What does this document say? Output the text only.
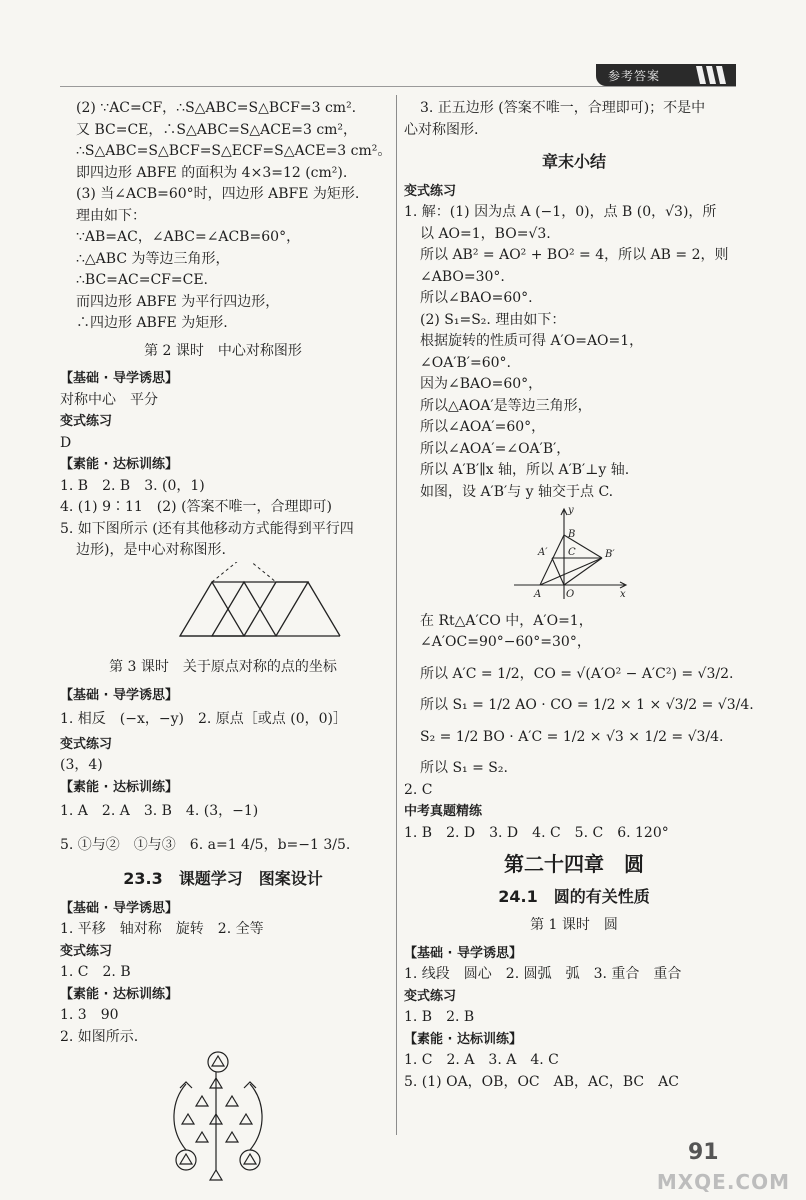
参考答案
(2) ∵AC=CF，∴S△ABC=S△BCF=3 cm².
又 BC=CE，∴S△ABC=S△ACE=3 cm²，
∴S△ABC=S△BCF=S△ECF=S△ACE=3 cm²。
即四边形 ABFE 的面积为 4×3=12 (cm²).
(3) 当∠ACB=60°时，四边形 ABFE 为矩形.
理由如下：
∵AB=AC，∠ABC=∠ACB=60°，
∴△ABC 为等边三角形，
∴BC=AC=CF=CE.
而四边形 ABFE 为平行四边形，
∴四边形 ABFE 为矩形.
第 2 课时　中心对称图形
【基础 · 导学诱思】
对称中心　平分
变式练习
D
【素能 · 达标训练】
1. B　2. B　3. (0，1)
4. (1) 9∶11　(2) (答案不唯一，合理即可)
5. 如下图所示 (还有其他移动方式能得到平行四
边形)，是中心对称图形.
第 3 课时　关于原点对称的点的坐标
【基础 · 导学诱思】
1. 相反　(−x，−y)　2. 原点［或点 (0，0)］
变式练习
(3，4)
【素能 · 达标训练】
1. A　2. A　3. B　4. (3，−1)
5. ①与②　①与③　6. a=1 4/5，b=−1 3/5.
23.3　课题学习　图案设计
【基础 · 导学诱思】
1. 平移　轴对称　旋转　2. 全等
变式练习
1. C　2. B
【素能 · 达标训练】
1. 3　90
2. 如图所示.
3. 正五边形 (答案不唯一，合理即可)；不是中
心对称图形.
章末小结
变式练习
1. 解：(1) 因为点 A (−1，0)，点 B (0，√3)，所
以 AO=1，BO=√3.
所以 AB² = AO² + BO² = 4，所以 AB = 2，则
∠ABO=30°.
所以∠BAO=60°.
(2) S₁=S₂. 理由如下：
根据旋转的性质可得 A′O=AO=1，
∠OA′B′=60°.
因为∠BAO=60°，
所以△AOA′是等边三角形，
所以∠AOA′=60°，
所以∠AOA′=∠OA′B′，
所以 A′B′∥x 轴，所以 A′B′⊥y 轴.
如图，设 A′B′与 y 轴交于点 C.
y
B
C
A′	B′
A O	x
在 Rt△A′CO 中，A′O=1，
∠A′OC=90°−60°=30°，
所以 A′C = 1/2，CO = √(A′O² − A′C²) = √3/2.
所以 S₁ = 1/2 AO · CO = 1/2 × 1 × √3/2 = √3/4.
S₂ = 1/2 BO · A′C = 1/2 × √3 × 1/2 = √3/4.
所以 S₁ = S₂.
2. C
中考真题精练
1. B　2. D　3. D　4. C　5. C　6. 120°
第二十四章　圆
24.1　圆的有关性质
第 1 课时　圆
【基础 · 导学诱思】
1. 线段　圆心　2. 圆弧　弧　3. 重合　重合
变式练习
1. B　2. B
【素能 · 达标训练】
1. C　2. A　3. A　4. C
5. (1) OA，OB，OC　AB，AC，BC　AC
91
MXQE.COM
